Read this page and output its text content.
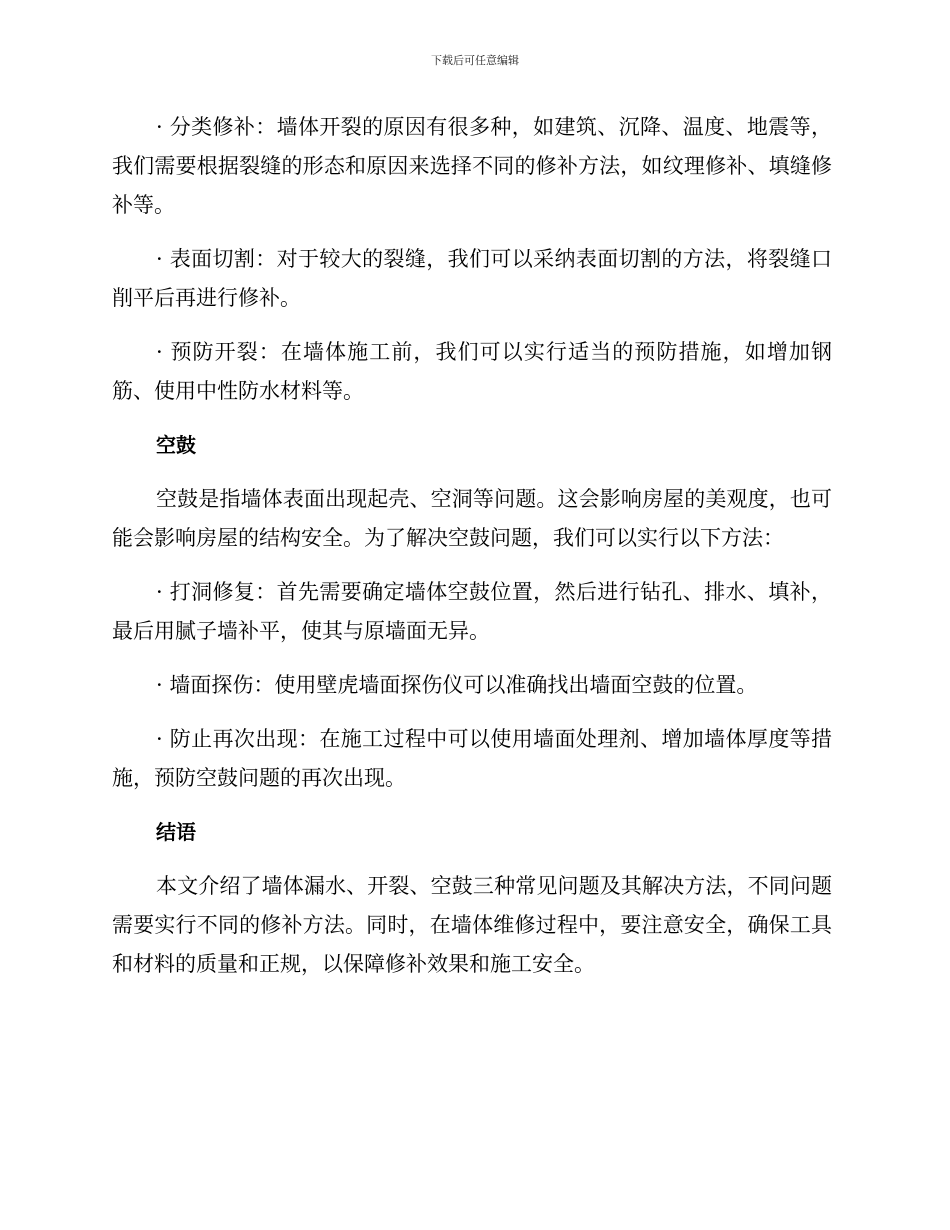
下载后可任意编辑

· 分类修补：墙体开裂的原因有很多种，如建筑、沉降、温度、地震等，我们需要根据裂缝的形态和原因来选择不同的修补方法，如纹理修补、填缝修补等。

· 表面切割：对于较大的裂缝，我们可以采纳表面切割的方法，将裂缝口削平后再进行修补。

· 预防开裂：在墙体施工前，我们可以实行适当的预防措施，如增加钢筋、使用中性防水材料等。

空鼓

空鼓是指墙体表面出现起壳、空洞等问题。这会影响房屋的美观度，也可能会影响房屋的结构安全。为了解决空鼓问题，我们可以实行以下方法：

· 打洞修复：首先需要确定墙体空鼓位置，然后进行钻孔、排水、填补，最后用腻子墙补平，使其与原墙面无异。

· 墙面探伤：使用壁虎墙面探伤仪可以准确找出墙面空鼓的位置。

· 防止再次出现：在施工过程中可以使用墙面处理剂、增加墙体厚度等措施，预防空鼓问题的再次出现。

结语

本文介绍了墙体漏水、开裂、空鼓三种常见问题及其解决方法，不同问题需要实行不同的修补方法。同时，在墙体维修过程中，要注意安全，确保工具和材料的质量和正规，以保障修补效果和施工安全。
